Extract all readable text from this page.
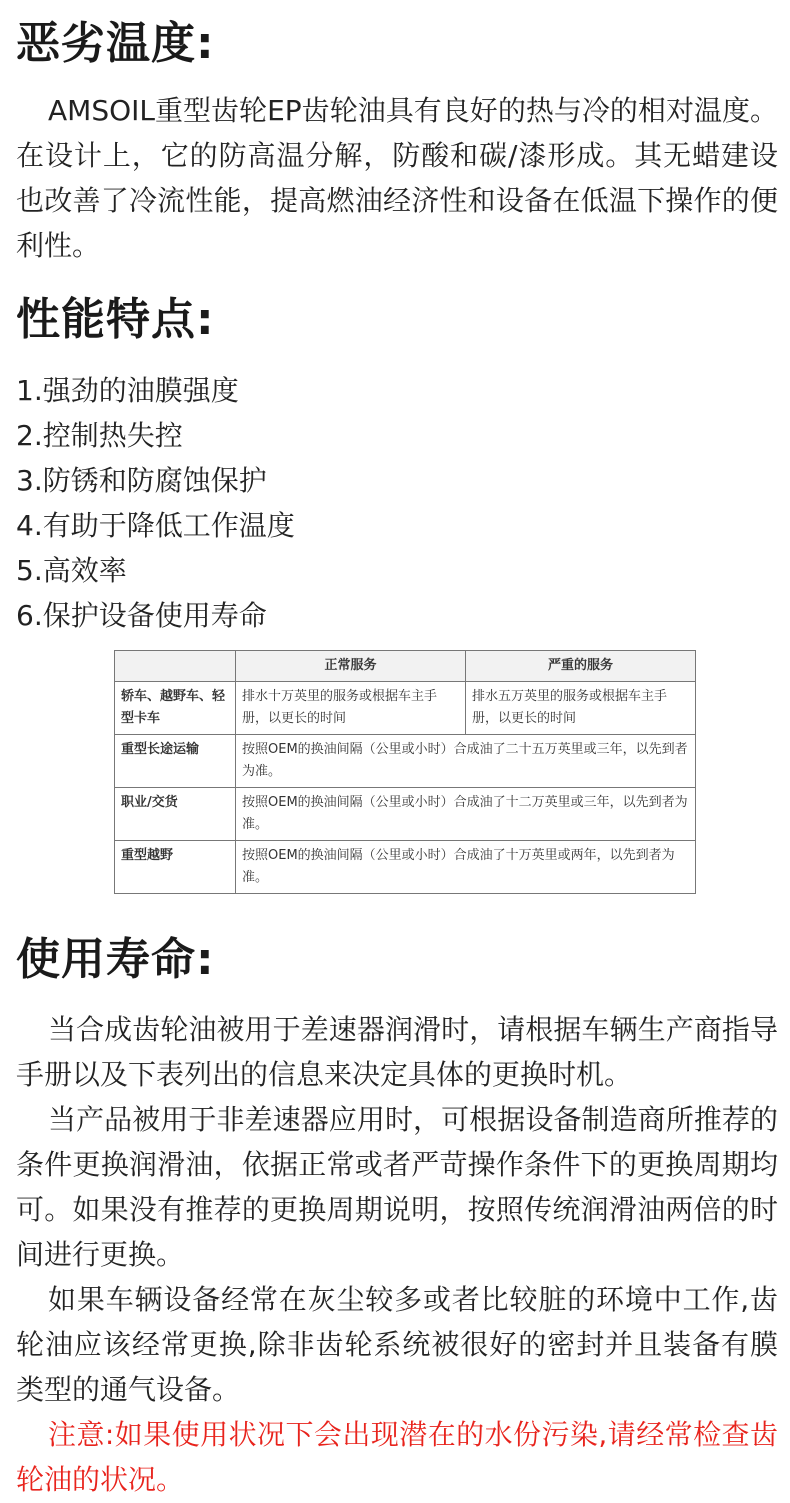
恶劣温度:

AMSOIL重型齿轮EP齿轮油具有良好的热与冷的相对温度。在设计上，它的防高温分解，防酸和碳/漆形成。其无蜡建设也改善了冷流性能，提高燃油经济性和设备在低温下操作的便利性。

性能特点:
1.强劲的油膜强度
2.控制热失控
3.防锈和防腐蚀保护
4.有助于降低工作温度
5.高效率
6.保护设备使用寿命
	正常服务	严重的服务
轿车、越野车、轻型卡车	排水十万英里的服务或根据车主手册，以更长的时间	排水五万英里的服务或根据车主手册，以更长的时间
重型长途运输	按照OEM的换油间隔（公里或小时）合成油了二十五万英里或三年，以先到者为准。	
职业/交货	按照OEM的换油间隔（公里或小时）合成油了十二万英里或三年，以先到者为准。	
重型越野	按照OEM的换油间隔（公里或小时）合成油了十万英里或两年，以先到者为准。	
使用寿命:

当合成齿轮油被用于差速器润滑时，请根据车辆生产商指导手册以及下表列出的信息来决定具体的更换时机。

当产品被用于非差速器应用时，可根据设备制造商所推荐的条件更换润滑油，依据正常或者严苛操作条件下的更换周期均可。如果没有推荐的更换周期说明，按照传统润滑油两倍的时间进行更换。

如果车辆设备经常在灰尘较多或者比较脏的环境中工作,齿轮油应该经常更换,除非齿轮系统被很好的密封并且装备有膜类型的通气设备。

注意:如果使用状况下会出现潜在的水份污染,请经常检查齿轮油的状况。
